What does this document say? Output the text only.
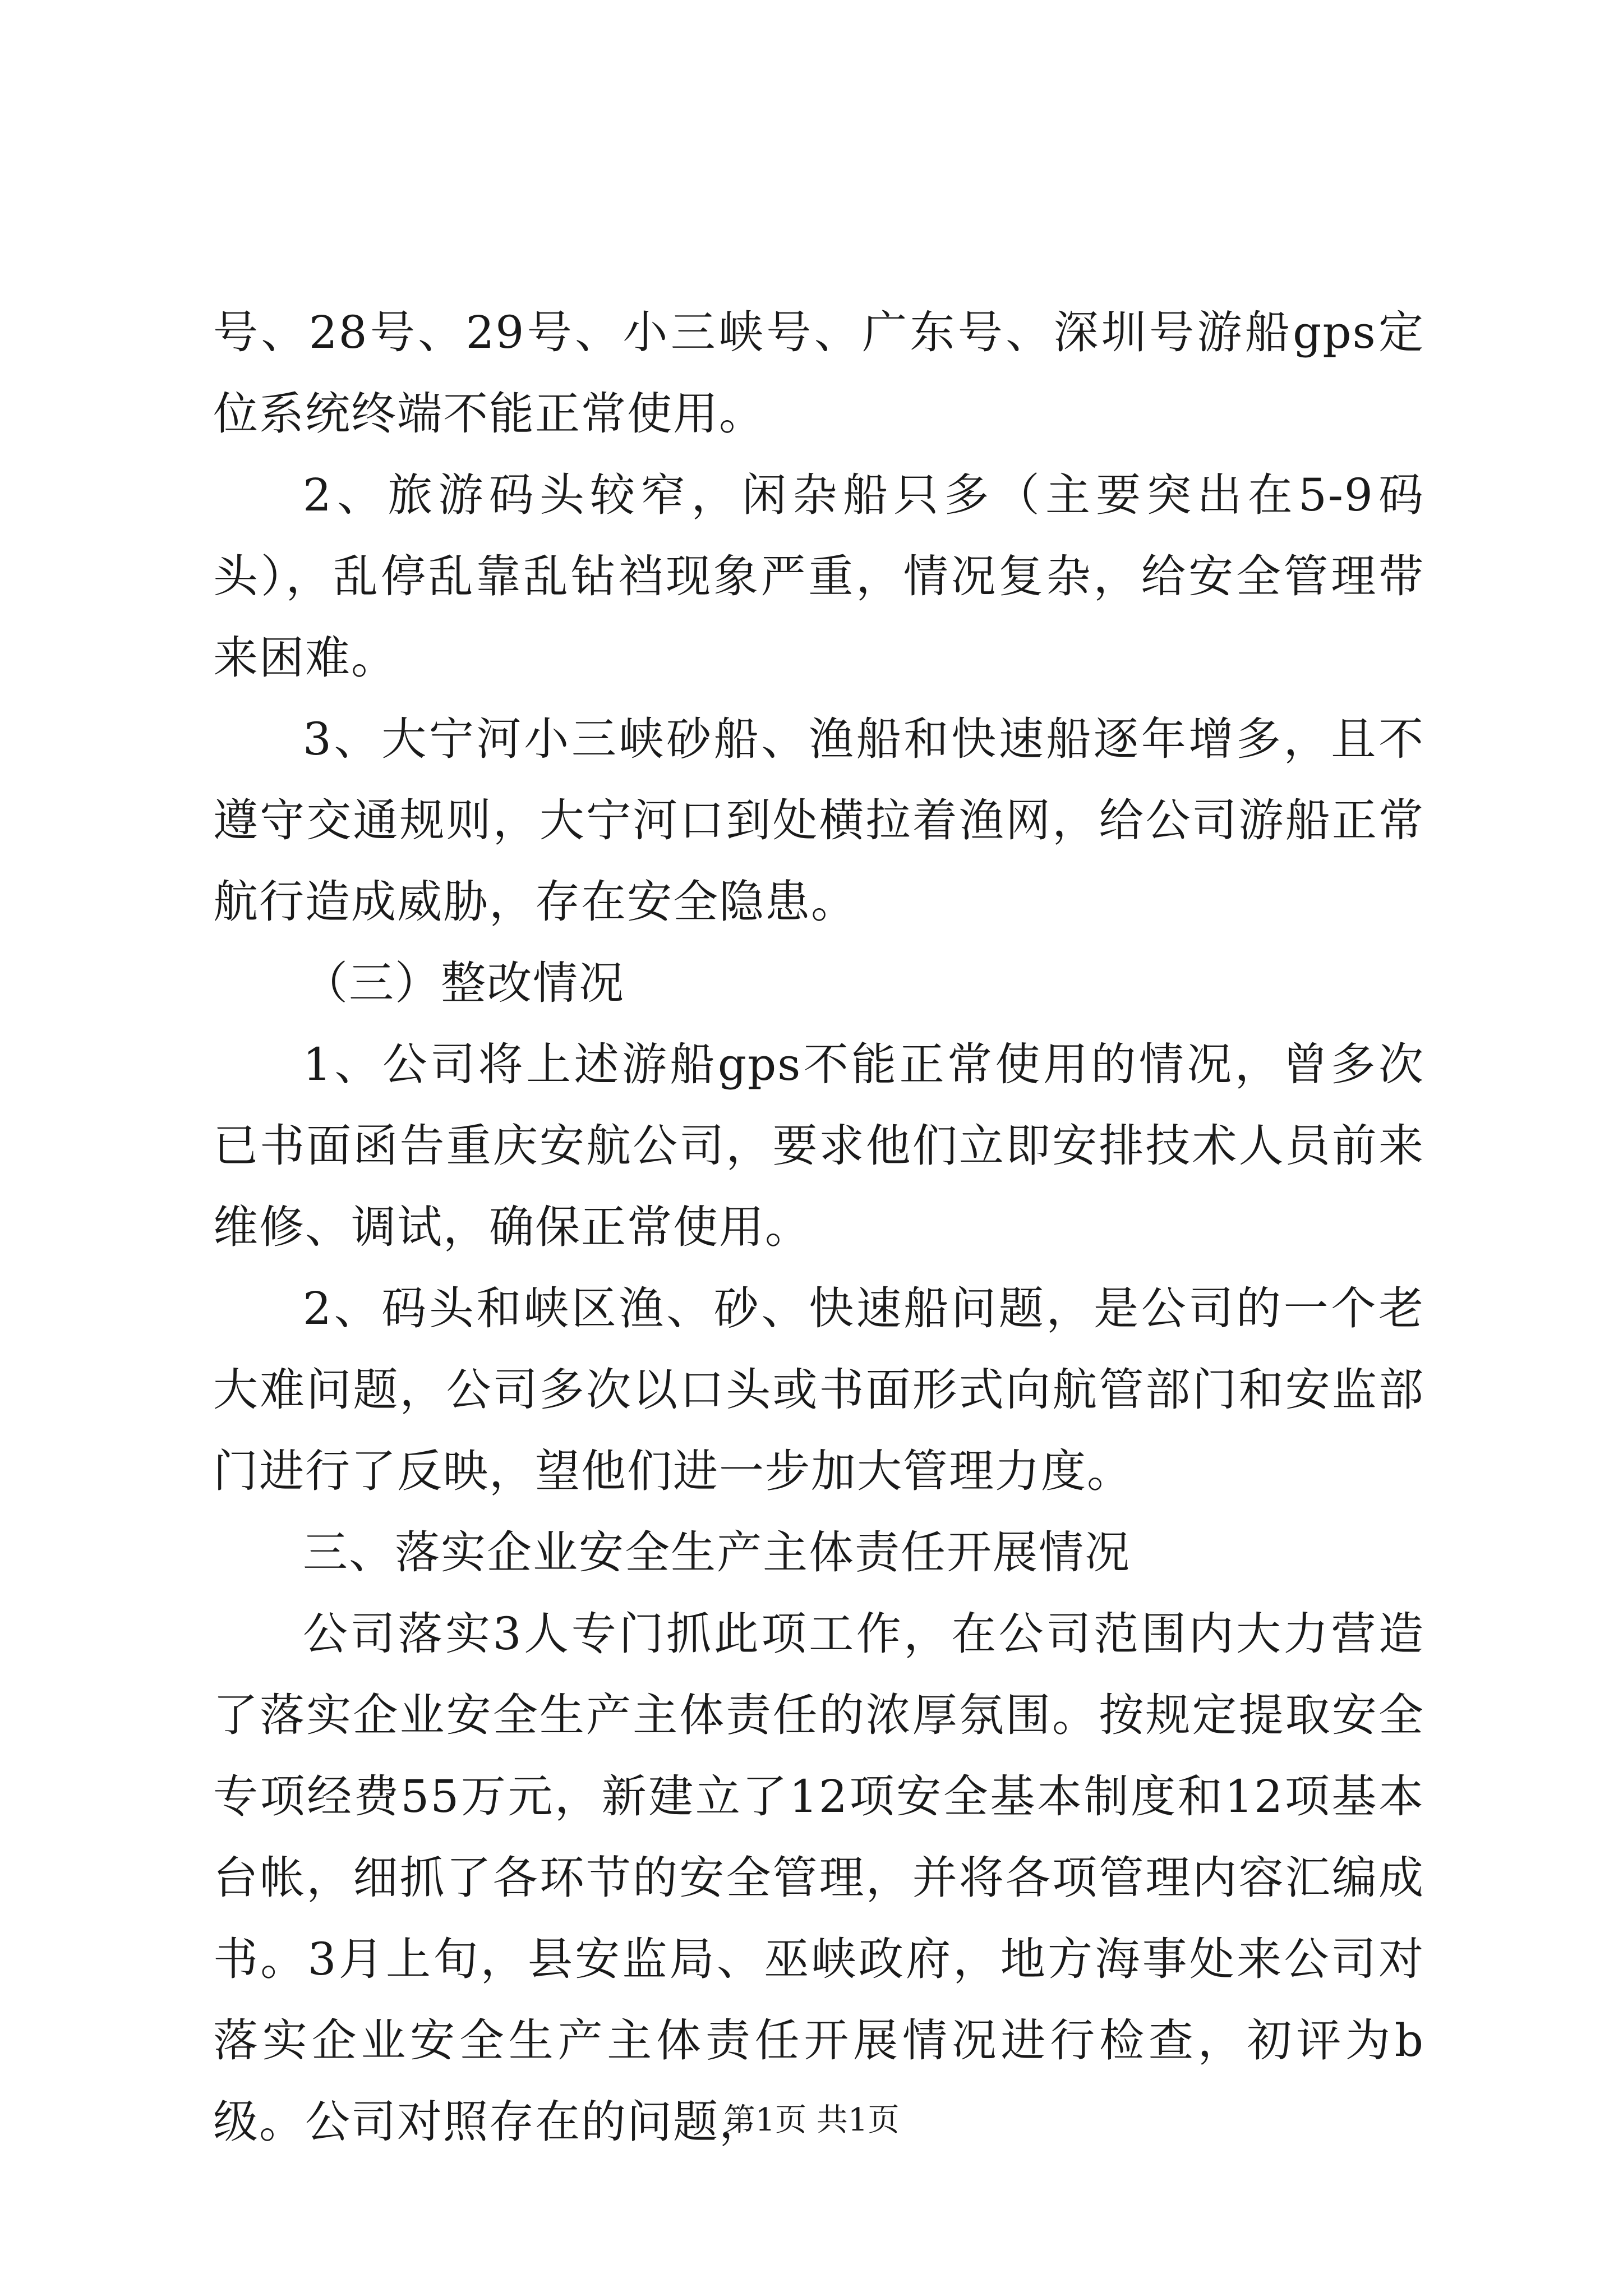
号、28号、29号、小三峡号、广东号、深圳号游船gps定位系统终端不能正常使用。

2、旅游码头较窄，闲杂船只多（主要突出在5-9码头），乱停乱靠乱钻裆现象严重，情况复杂，给安全管理带来困难。

3、大宁河小三峡砂船、渔船和快速船逐年增多，且不遵守交通规则，大宁河口到处横拉着渔网，给公司游船正常航行造成威胁，存在安全隐患。

（三）整改情况

1、公司将上述游船gps不能正常使用的情况，曾多次已书面函告重庆安航公司，要求他们立即安排技术人员前来维修、调试，确保正常使用。

2、码头和峡区渔、砂、快速船问题，是公司的一个老大难问题，公司多次以口头或书面形式向航管部门和安监部门进行了反映，望他们进一步加大管理力度。

三、落实企业安全生产主体责任开展情况

公司落实3人专门抓此项工作，在公司范围内大力营造了落实企业安全生产主体责任的浓厚氛围。按规定提取安全专项经费55万元，新建立了12项安全基本制度和12项基本台帐，细抓了各环节的安全管理，并将各项管理内容汇编成书。3月上旬，县安监局、巫峡政府，地方海事处来公司对落实企业安全生产主体责任开展情况进行检查，初评为b级。公司对照存在的问题，

第1页 共1页
